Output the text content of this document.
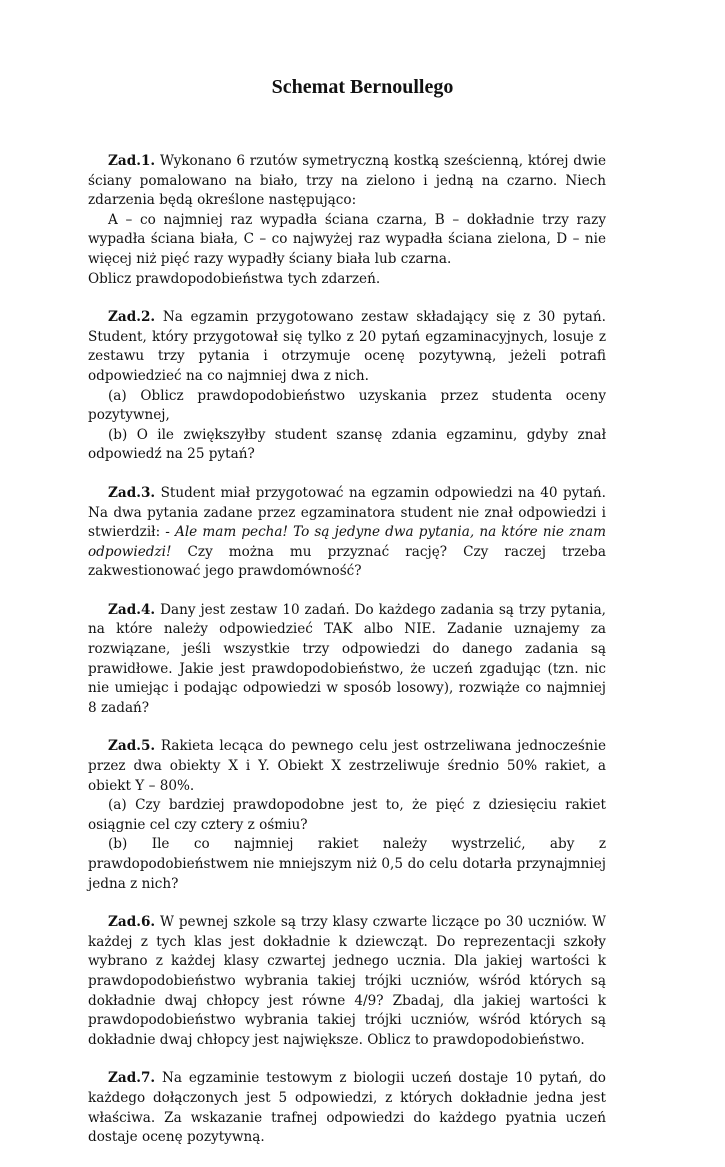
Schemat Bernoullego

Zad.1. Wykonano 6 rzutów symetryczną kostką sześcienną, której dwie ściany pomalowano na biało, trzy na zielono i jedną na czarno. Niech zdarzenia będą określone następująco:

A – co najmniej raz wypadła ściana czarna, B – dokładnie trzy razy wypadła ściana biała, C – co najwyżej raz wypadła ściana zielona, D – nie więcej niż pięć razy wypadły ściany biała lub czarna.

Oblicz prawdopodobieństwa tych zdarzeń.

Zad.2. Na egzamin przygotowano zestaw składający się z 30 pytań. Student, który przygotował się tylko z 20 pytań egzaminacyjnych, losuje z zestawu trzy pytania i otrzymuje ocenę pozytywną, jeżeli potrafi odpowiedzieć na co najmniej dwa z nich.

(a) Oblicz prawdopodobieństwo uzyskania przez studenta oceny pozytywnej,

(b) O ile zwiększyłby student szansę zdania egzaminu, gdyby znał odpowiedź na 25 pytań?

Zad.3. Student miał przygotować na egzamin odpowiedzi na 40 pytań. Na dwa pytania zadane przez egzaminatora student nie znał odpowiedzi i stwierdził: - Ale mam pecha! To są jedyne dwa pytania, na które nie znam odpowiedzi! Czy można mu przyznać rację? Czy raczej trzeba zakwestionować jego prawdomówność?

Zad.4. Dany jest zestaw 10 zadań. Do każdego zadania są trzy pytania, na które należy odpowiedzieć TAK albo NIE. Zadanie uznajemy za rozwiązane, jeśli wszystkie trzy odpowiedzi do danego zadania są prawidłowe. Jakie jest prawdopodobieństwo, że uczeń zgadując (tzn. nic nie umiejąc i podając odpowiedzi w sposób losowy), rozwiąże co najmniej 8 zadań?

Zad.5. Rakieta lecąca do pewnego celu jest ostrzeliwana jednocześnie przez dwa obiekty X i Y. Obiekt X zestrzeliwuje średnio 50% rakiet, a obiekt Y – 80%.

(a) Czy bardziej prawdopodobne jest to, że pięć z dziesięciu rakiet osiągnie cel czy cztery z ośmiu?

(b) Ile co najmniej rakiet należy wystrzelić, aby z prawdopodobieństwem nie mniejszym niż 0,5 do celu dotarła przynajmniej jedna z nich?

Zad.6. W pewnej szkole są trzy klasy czwarte liczące po 30 uczniów. W każdej z tych klas jest dokładnie k dziewcząt. Do reprezentacji szkoły wybrano z każdej klasy czwartej jednego ucznia. Dla jakiej wartości k prawdopodobieństwo wybrania takiej trójki uczniów, wśród których są dokładnie dwaj chłopcy jest równe 4/9? Zbadaj, dla jakiej wartości k prawdopodobieństwo wybrania takiej trójki uczniów, wśród których są dokładnie dwaj chłopcy jest największe. Oblicz to prawdopodobieństwo.

Zad.7. Na egzaminie testowym z biologii uczeń dostaje 10 pytań, do każdego dołączonych jest 5 odpowiedzi, z których dokładnie jedna jest właściwa. Za wskazanie trafnej odpowiedzi do każdego pyatnia uczeń dostaje ocenę pozytywną.
